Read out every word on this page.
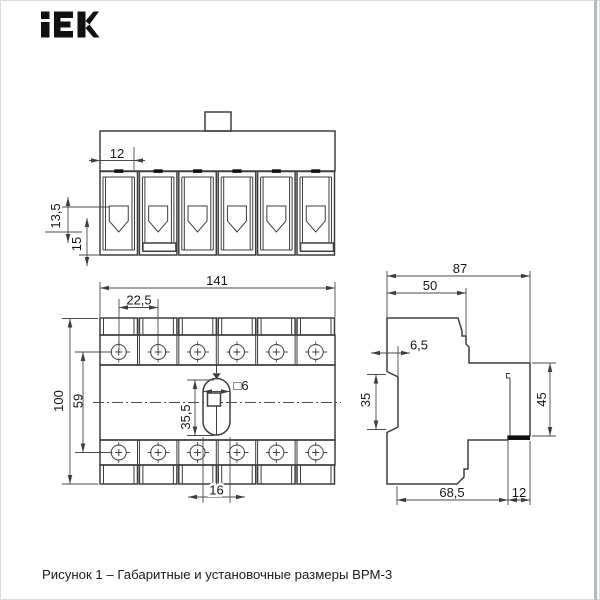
12
13,5
15
141
22,5
100 59
35,5
□6
16
87
50
6,5
35	45
68,5	12
Рисунок 1 – Габаритные и установочные размеры ВРМ-3
